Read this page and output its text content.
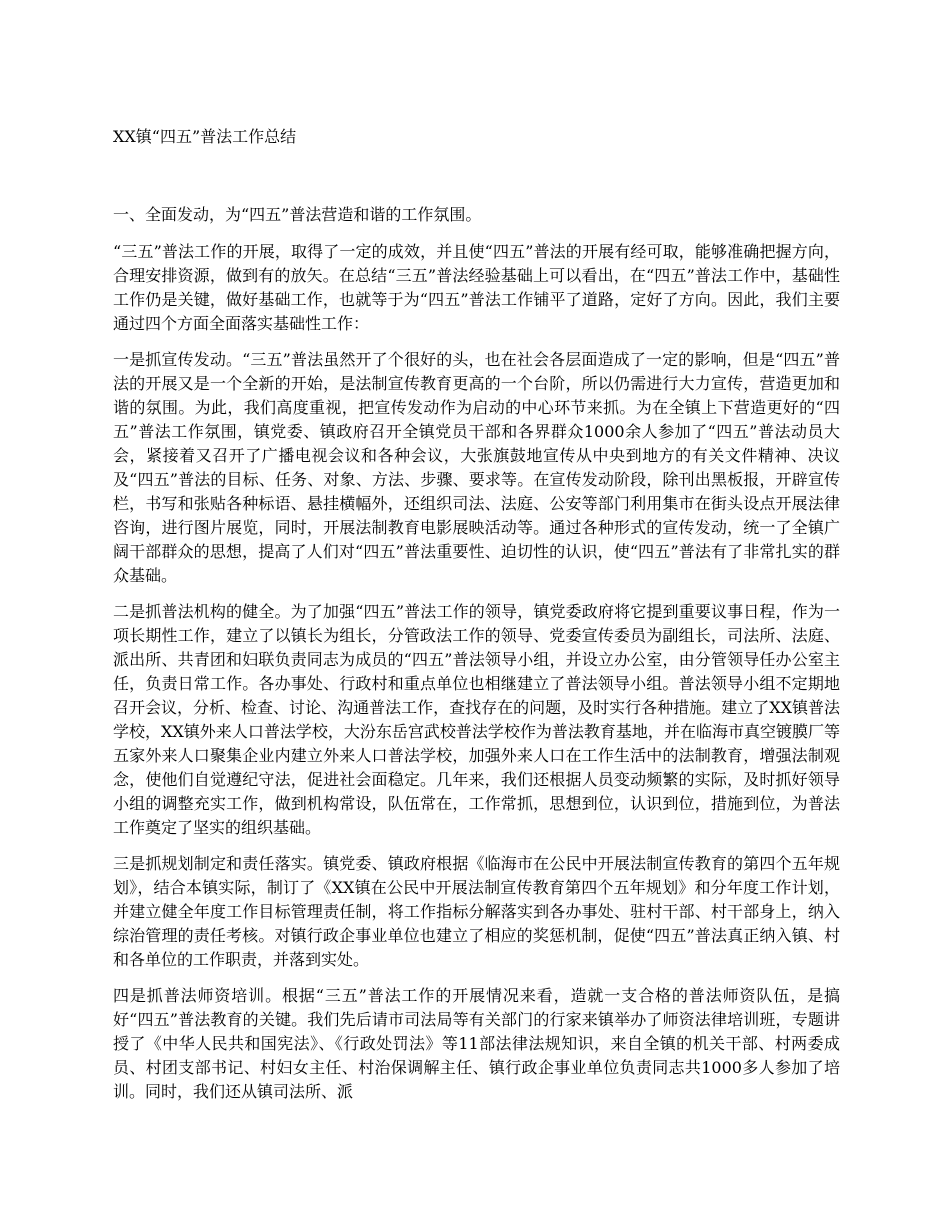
XX镇“四五”普法工作总结
一、全面发动，为“四五”普法营造和谐的工作氛围。

“三五”普法工作的开展，取得了一定的成效，并且使“四五”普法的开展有经可取，能够准确把握方向，合理安排资源，做到有的放矢。在总结“三五”普法经验基础上可以看出，在“四五”普法工作中，基础性工作仍是关键，做好基础工作，也就等于为“四五”普法工作铺平了道路，定好了方向。因此，我们主要通过四个方面全面落实基础性工作：

一是抓宣传发动。“三五”普法虽然开了个很好的头，也在社会各层面造成了一定的影响，但是“四五”普法的开展又是一个全新的开始，是法制宣传教育更高的一个台阶，所以仍需进行大力宣传，营造更加和谐的氛围。为此，我们高度重视，把宣传发动作为启动的中心环节来抓。为在全镇上下营造更好的“四五”普法工作氛围，镇党委、镇政府召开全镇党员干部和各界群众1000余人参加了“四五”普法动员大会，紧接着又召开了广播电视会议和各种会议，大张旗鼓地宣传从中央到地方的有关文件精神、决议及“四五”普法的目标、任务、对象、方法、步骤、要求等。在宣传发动阶段，除刊出黑板报，开辟宣传栏，书写和张贴各种标语、悬挂横幅外，还组织司法、法庭、公安等部门利用集市在街头设点开展法律咨询，进行图片展览，同时，开展法制教育电影展映活动等。通过各种形式的宣传发动，统一了全镇广阔干部群众的思想，提高了人们对“四五”普法重要性、迫切性的认识，使“四五”普法有了非常扎实的群众基础。

二是抓普法机构的健全。为了加强“四五”普法工作的领导，镇党委政府将它提到重要议事日程，作为一项长期性工作，建立了以镇长为组长，分管政法工作的领导、党委宣传委员为副组长，司法所、法庭、派出所、共青团和妇联负责同志为成员的“四五”普法领导小组，并设立办公室，由分管领导任办公室主任，负责日常工作。各办事处、行政村和重点单位也相继建立了普法领导小组。普法领导小组不定期地召开会议，分析、检查、讨论、沟通普法工作，查找存在的问题，及时实行各种措施。建立了XX镇普法学校，XX镇外来人口普法学校，大汾东岳宫武校普法学校作为普法教育基地，并在临海市真空镀膜厂等五家外来人口聚集企业内建立外来人口普法学校，加强外来人口在工作生活中的法制教育，增强法制观念，使他们自觉遵纪守法，促进社会面稳定。几年来，我们还根据人员变动频繁的实际，及时抓好领导小组的调整充实工作，做到机构常设，队伍常在，工作常抓，思想到位，认识到位，措施到位，为普法工作奠定了坚实的组织基础。

三是抓规划制定和责任落实。镇党委、镇政府根据《临海市在公民中开展法制宣传教育的第四个五年规划》，结合本镇实际，制订了《XX镇在公民中开展法制宣传教育第四个五年规划》和分年度工作计划，并建立健全年度工作目标管理责任制，将工作指标分解落实到各办事处、驻村干部、村干部身上，纳入综治管理的责任考核。对镇行政企事业单位也建立了相应的奖惩机制，促使“四五”普法真正纳入镇、村和各单位的工作职责，并落到实处。

四是抓普法师资培训。根据“三五”普法工作的开展情况来看，造就一支合格的普法师资队伍，是搞好“四五”普法教育的关键。我们先后请市司法局等有关部门的行家来镇举办了师资法律培训班，专题讲授了《中华人民共和国宪法》、《行政处罚法》等11部法律法规知识，来自全镇的机关干部、村两委成员、村团支部书记、村妇女主任、村治保调解主任、镇行政企事业单位负责同志共1000多人参加了培训。同时，我们还从镇司法所、派
